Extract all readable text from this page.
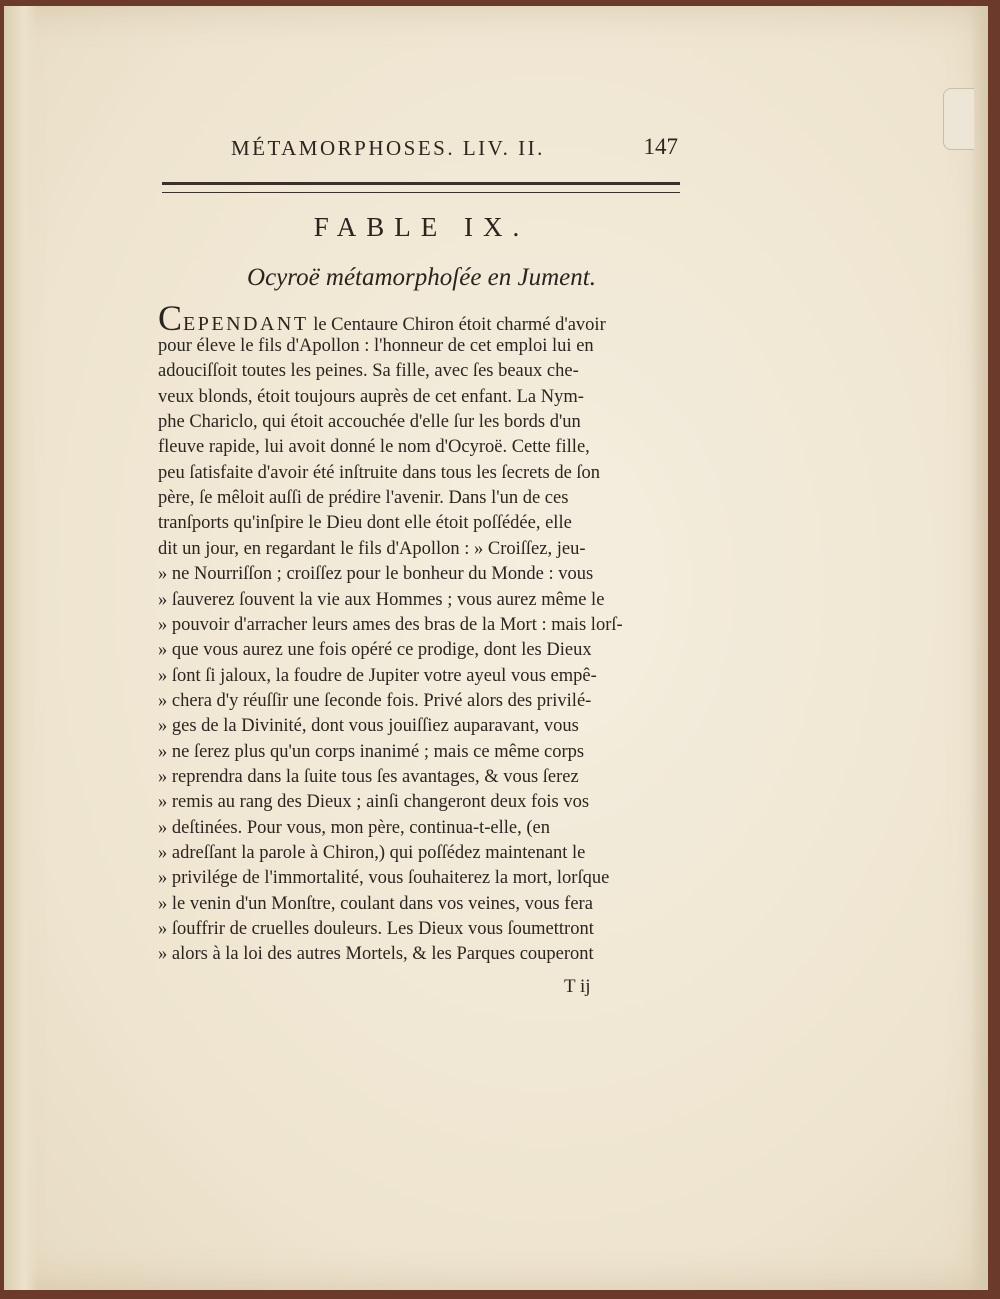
MÉTAMORPHOSES. LIV. II.	147
FABLE IX.
Ocyroë métamorphoſée en Jument.
CEPENDANT le Centaure Chiron étoit charmé d'avoir
pour éleve le fils d'Apollon : l'honneur de cet emploi lui en
adouciſſoit toutes les peines. Sa fille, avec ſes beaux che-
veux blonds, étoit toujours auprès de cet enfant. La Nym-
phe Chariclo, qui étoit accouchée d'elle ſur les bords d'un
fleuve rapide, lui avoit donné le nom d'Ocyroë. Cette fille,
peu ſatisfaite d'avoir été inſtruite dans tous les ſecrets de ſon
père, ſe mêloit auſſi de prédire l'avenir. Dans l'un de ces
tranſports qu'inſpire le Dieu dont elle étoit poſſédée, elle
dit un jour, en regardant le fils d'Apollon : » Croiſſez, jeu-
» ne Nourriſſon ; croiſſez pour le bonheur du Monde : vous
» ſauverez ſouvent la vie aux Hommes ; vous aurez même le
» pouvoir d'arracher leurs ames des bras de la Mort : mais lorſ-
» que vous aurez une fois opéré ce prodige, dont les Dieux
» ſont ſi jaloux, la foudre de Jupiter votre ayeul vous empê-
» chera d'y réuſſir une ſeconde fois. Privé alors des privilé-
» ges de la Divinité, dont vous jouiſſiez auparavant, vous
» ne ſerez plus qu'un corps inanimé ; mais ce même corps
» reprendra dans la ſuite tous ſes avantages, & vous ſerez
» remis au rang des Dieux ; ainſi changeront deux fois vos
» deſtinées. Pour vous, mon père, continua-t-elle, (en
» adreſſant la parole à Chiron,) qui poſſédez maintenant le
» privilége de l'immortalité, vous ſouhaiterez la mort, lorſque
» le venin d'un Monſtre, coulant dans vos veines, vous fera
» ſouffrir de cruelles douleurs. Les Dieux vous ſoumettront
» alors à la loi des autres Mortels, & les Parques couperont
T ij
